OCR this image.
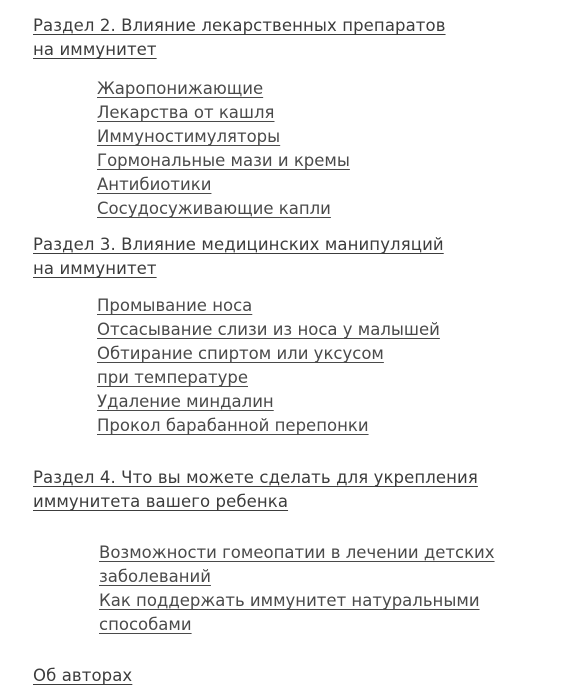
Раздел 2. Влияние лекарственных препаратов
на иммунитет
Жаропонижающие
Лекарства от кашля
Иммуностимуляторы
Гормональные мази и кремы
Антибиотики
Сосудосуживающие капли
Раздел 3. Влияние медицинских манипуляций
на иммунитет
Промывание носа
Отсасывание слизи из носа у малышей
Обтирание спиртом или уксусом
при температуре
Удаление миндалин
Прокол барабанной перепонки
Раздел 4. Что вы можете сделать для укрепления
иммунитета вашего ребенка
Возможности гомеопатии в лечении детских
заболеваний
Как поддержать иммунитет натуральными
способами
Об авторах
